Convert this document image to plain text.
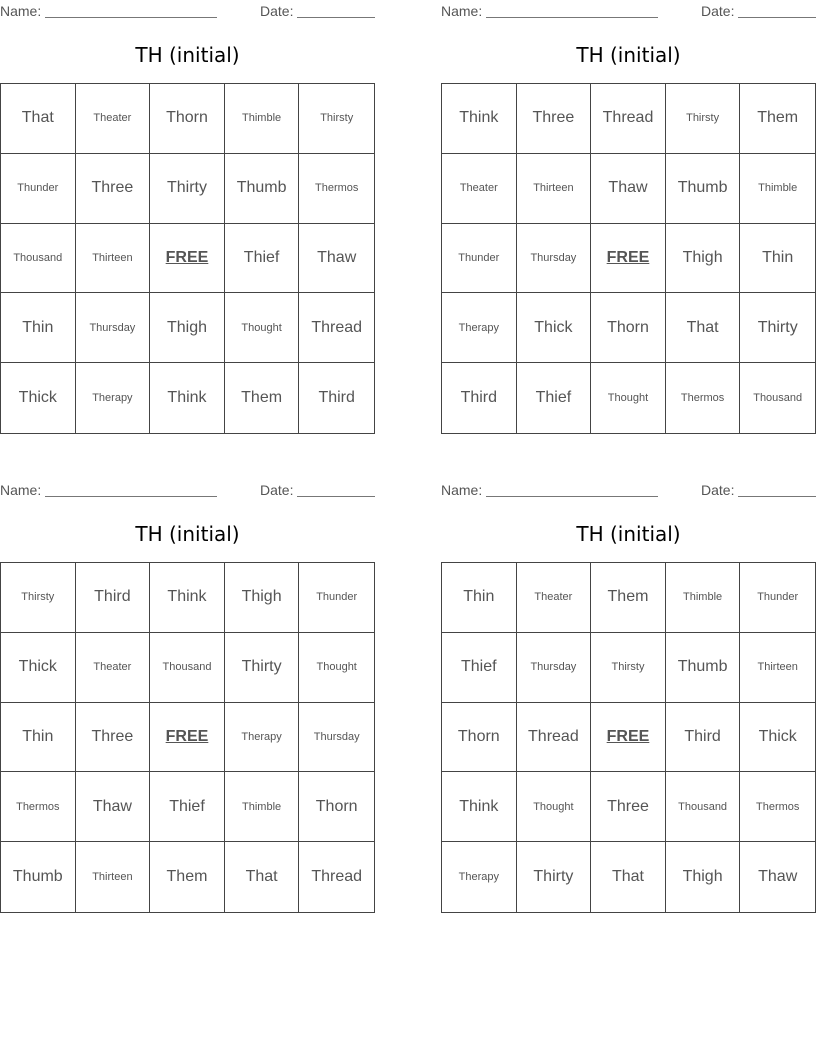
Name:	Date:
TH (initial)
That	Theater	Thorn	Thimble	Thirsty
Thunder	Three	Thirty	Thumb	Thermos
Thousand	Thirteen	FREE	Thief	Thaw
Thin	Thursday	Thigh	Thought	Thread
Thick	Therapy	Think	Them	Third
Name:	Date:
TH (initial)
Think	Three	Thread	Thirsty	Them
Theater	Thirteen	Thaw	Thumb	Thimble
Thunder	Thursday	FREE	Thigh	Thin
Therapy	Thick	Thorn	That	Thirty
Third	Thief	Thought	Thermos	Thousand
Name:	Date:
TH (initial)
Thirsty	Third	Think	Thigh	Thunder
Thick	Theater	Thousand	Thirty	Thought
Thin	Three	FREE	Therapy	Thursday
Thermos	Thaw	Thief	Thimble	Thorn
Thumb	Thirteen	Them	That	Thread
Name:	Date:
TH (initial)
Thin	Theater	Them	Thimble	Thunder
Thief	Thursday	Thirsty	Thumb	Thirteen
Thorn	Thread	FREE	Third	Thick
Think	Thought	Three	Thousand	Thermos
Therapy	Thirty	That	Thigh	Thaw
